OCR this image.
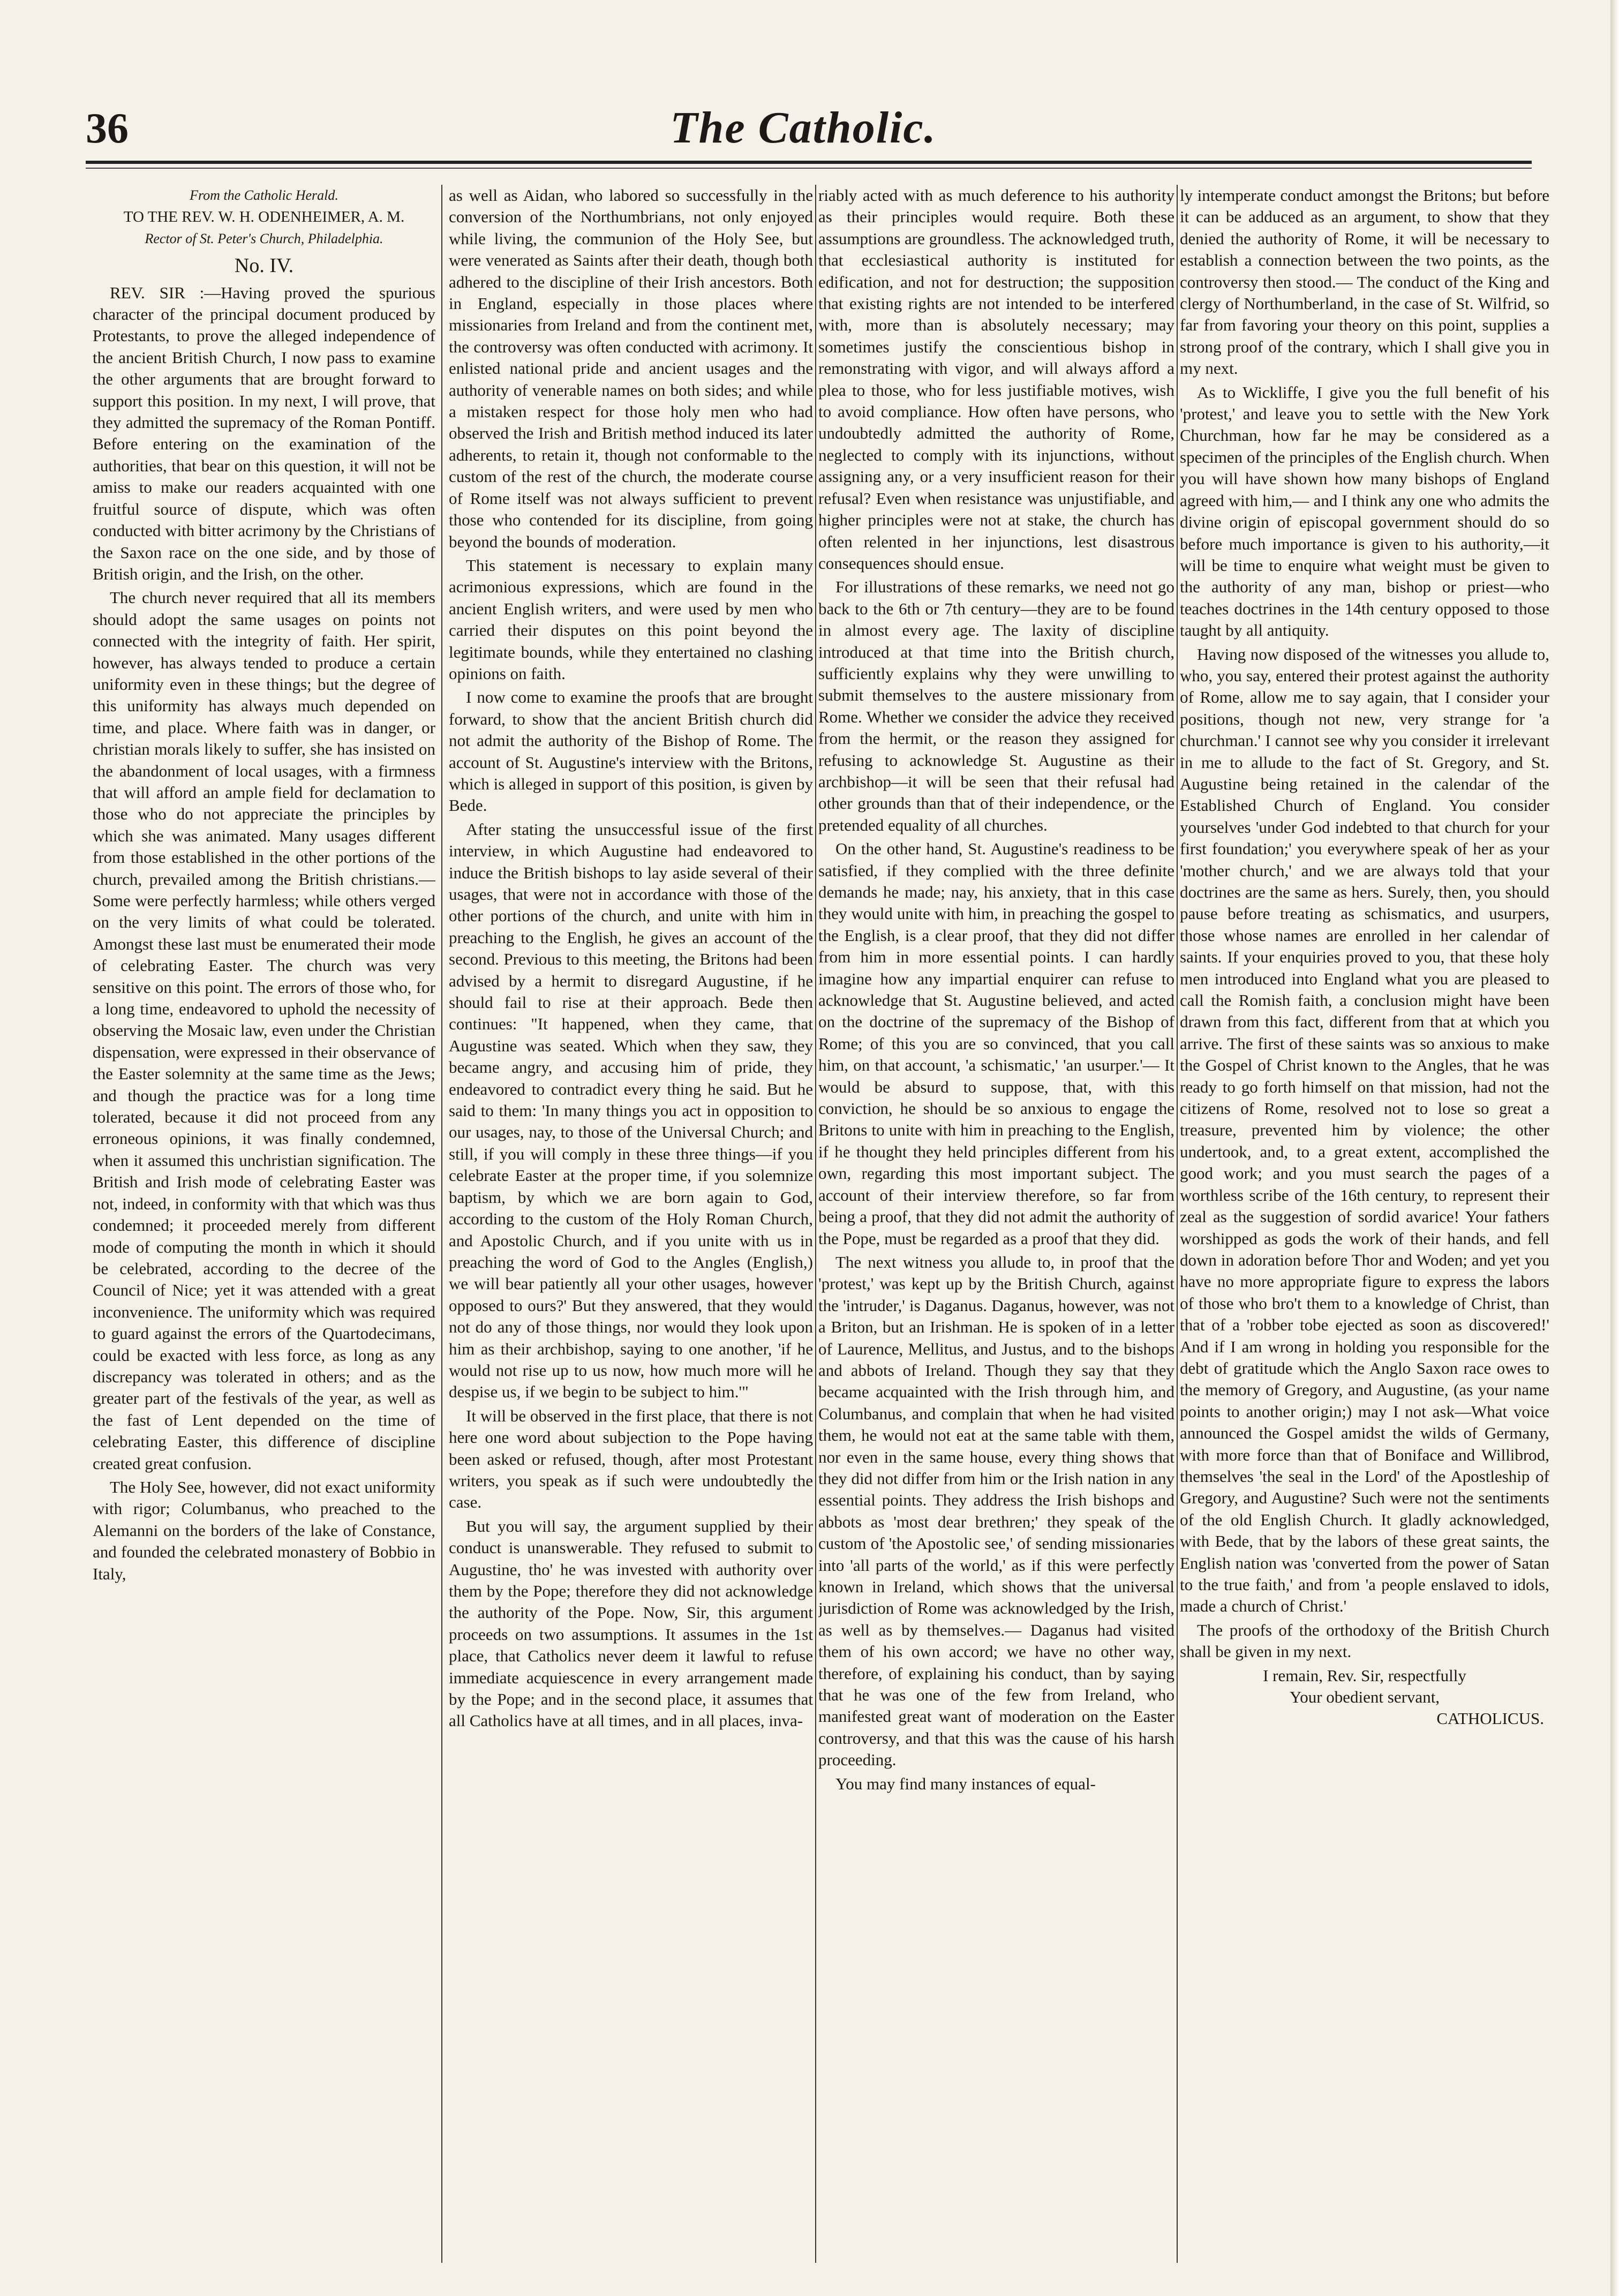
36	The Catholic.
From the Catholic Herald.
TO THE REV. W. H. ODENHEIMER, A. M.
Rector of St. Peter's Church, Philadelphia.
No. IV.

REV. SIR :—Having proved the spurious character of the principal document produced by Protestants, to prove the alleged independence of the ancient British Church, I now pass to examine the other arguments that are brought forward to support this position. In my next, I will prove, that they admitted the supremacy of the Roman Pontiff. Before entering on the examination of the authorities, that bear on this question, it will not be amiss to make our readers acquainted with one fruitful source of dispute, which was often conducted with bitter acrimony by the Christians of the Saxon race on the one side, and by those of British origin, and the Irish, on the other.

The church never required that all its members should adopt the same usages on points not connected with the integrity of faith. Her spirit, however, has always tended to produce a certain uniformity even in these things; but the degree of this uniformity has always much depended on time, and place. Where faith was in danger, or christian morals likely to suffer, she has insisted on the abandonment of local usages, with a firmness that will afford an ample field for declamation to those who do not appreciate the principles by which she was animated. Many usages different from those established in the other portions of the church, prevailed among the British christians.— Some were perfectly harmless; while others verged on the very limits of what could be tolerated. Amongst these last must be enumerated their mode of celebrating Easter. The church was very sensitive on this point. The errors of those who, for a long time, endeavored to uphold the necessity of observing the Mosaic law, even under the Christian dispensation, were expressed in their observance of the Easter solemnity at the same time as the Jews; and though the practice was for a long time tolerated, because it did not proceed from any erroneous opinions, it was finally condemned, when it assumed this unchristian signification. The British and Irish mode of celebrating Easter was not, indeed, in conformity with that which was thus condemned; it proceeded merely from different mode of computing the month in which it should be celebrated, according to the decree of the Council of Nice; yet it was attended with a great inconvenience. The uniformity which was required to guard against the errors of the Quartodecimans, could be exacted with less force, as long as any discrepancy was tolerated in others; and as the greater part of the festivals of the year, as well as the fast of Lent depended on the time of celebrating Easter, this difference of discipline created great confusion.

The Holy See, however, did not exact uniformity with rigor; Columbanus, who preached to the Alemanni on the borders of the lake of Constance, and founded the celebrated monastery of Bobbio in Italy,

as well as Aidan, who labored so successfully in the conversion of the Northumbrians, not only enjoyed while living, the communion of the Holy See, but were venerated as Saints after their death, though both adhered to the discipline of their Irish ancestors. Both in England, especially in those places where missionaries from Ireland and from the continent met, the controversy was often conducted with acrimony. It enlisted national pride and ancient usages and the authority of venerable names on both sides; and while a mistaken respect for those holy men who had observed the Irish and British method induced its later adherents, to retain it, though not conformable to the custom of the rest of the church, the moderate course of Rome itself was not always sufficient to prevent those who contended for its discipline, from going beyond the bounds of moderation.

This statement is necessary to explain many acrimonious expressions, which are found in the ancient English writers, and were used by men who carried their disputes on this point beyond the legitimate bounds, while they entertained no clashing opinions on faith.

I now come to examine the proofs that are brought forward, to show that the ancient British church did not admit the authority of the Bishop of Rome. The account of St. Augustine's interview with the Britons, which is alleged in support of this position, is given by Bede.

After stating the unsuccessful issue of the first interview, in which Augustine had endeavored to induce the British bishops to lay aside several of their usages, that were not in accordance with those of the other portions of the church, and unite with him in preaching to the English, he gives an account of the second. Previous to this meeting, the Britons had been advised by a hermit to disregard Augustine, if he should fail to rise at their approach. Bede then continues: "It happened, when they came, that Augustine was seated. Which when they saw, they became angry, and accusing him of pride, they endeavored to contradict every thing he said. But he said to them: 'In many things you act in opposition to our usages, nay, to those of the Universal Church; and still, if you will comply in these three things—if you celebrate Easter at the proper time, if you solemnize baptism, by which we are born again to God, according to the custom of the Holy Roman Church, and Apostolic Church, and if you unite with us in preaching the word of God to the Angles (English,) we will bear patiently all your other usages, however opposed to ours?' But they answered, that they would not do any of those things, nor would they look upon him as their archbishop, saying to one another, 'if he would not rise up to us now, how much more will he despise us, if we begin to be subject to him.'"

It will be observed in the first place, that there is not here one word about subjection to the Pope having been asked or refused, though, after most Protestant writers, you speak as if such were undoubtedly the case.

But you will say, the argument supplied by their conduct is unanswerable. They refused to submit to Augustine, tho' he was invested with authority over them by the Pope; therefore they did not acknowledge the authority of the Pope. Now, Sir, this argument proceeds on two assumptions. It assumes in the 1st place, that Catholics never deem it lawful to refuse immediate acquiescence in every arrangement made by the Pope; and in the second place, it assumes that all Catholics have at all times, and in all places, inva-

riably acted with as much deference to his authority as their principles would require. Both these assumptions are groundless. The acknowledged truth, that ecclesiastical authority is instituted for edification, and not for destruction; the supposition that existing rights are not intended to be interfered with, more than is absolutely necessary; may sometimes justify the conscientious bishop in remonstrating with vigor, and will always afford a plea to those, who for less justifiable motives, wish to avoid compliance. How often have persons, who undoubtedly admitted the authority of Rome, neglected to comply with its injunctions, without assigning any, or a very insufficient reason for their refusal? Even when resistance was unjustifiable, and higher principles were not at stake, the church has often relented in her injunctions, lest disastrous consequences should ensue.

For illustrations of these remarks, we need not go back to the 6th or 7th century—they are to be found in almost every age. The laxity of discipline introduced at that time into the British church, sufficiently explains why they were unwilling to submit themselves to the austere missionary from Rome. Whether we consider the advice they received from the hermit, or the reason they assigned for refusing to acknowledge St. Augustine as their archbishop—it will be seen that their refusal had other grounds than that of their independence, or the pretended equality of all churches.

On the other hand, St. Augustine's readiness to be satisfied, if they complied with the three definite demands he made; nay, his anxiety, that in this case they would unite with him, in preaching the gospel to the English, is a clear proof, that they did not differ from him in more essential points. I can hardly imagine how any impartial enquirer can refuse to acknowledge that St. Augustine believed, and acted on the doctrine of the supremacy of the Bishop of Rome; of this you are so convinced, that you call him, on that account, 'a schismatic,' 'an usurper.'— It would be absurd to suppose, that, with this conviction, he should be so anxious to engage the Britons to unite with him in preaching to the English, if he thought they held principles different from his own, regarding this most important subject. The account of their interview therefore, so far from being a proof, that they did not admit the authority of the Pope, must be regarded as a proof that they did.

The next witness you allude to, in proof that the 'protest,' was kept up by the British Church, against the 'intruder,' is Daganus. Daganus, however, was not a Briton, but an Irishman. He is spoken of in a letter of Laurence, Mellitus, and Justus, and to the bishops and abbots of Ireland. Though they say that they became acquainted with the Irish through him, and Columbanus, and complain that when he had visited them, he would not eat at the same table with them, nor even in the same house, every thing shows that they did not differ from him or the Irish nation in any essential points. They address the Irish bishops and abbots as 'most dear brethren;' they speak of the custom of 'the Apostolic see,' of sending missionaries into 'all parts of the world,' as if this were perfectly known in Ireland, which shows that the universal jurisdiction of Rome was acknowledged by the Irish, as well as by themselves.— Daganus had visited them of his own accord; we have no other way, therefore, of explaining his conduct, than by saying that he was one of the few from Ireland, who manifested great want of moderation on the Easter controversy, and that this was the cause of his harsh proceeding.

You may find many instances of equal-

ly intemperate conduct amongst the Britons; but before it can be adduced as an argument, to show that they denied the authority of Rome, it will be necessary to establish a connection between the two points, as the controversy then stood.— The conduct of the King and clergy of Northumberland, in the case of St. Wilfrid, so far from favoring your theory on this point, supplies a strong proof of the contrary, which I shall give you in my next.

As to Wickliffe, I give you the full benefit of his 'protest,' and leave you to settle with the New York Churchman, how far he may be considered as a specimen of the principles of the English church. When you will have shown how many bishops of England agreed with him,— and I think any one who admits the divine origin of episcopal government should do so before much importance is given to his authority,—it will be time to enquire what weight must be given to the authority of any man, bishop or priest—who teaches doctrines in the 14th century opposed to those taught by all antiquity.

Having now disposed of the witnesses you allude to, who, you say, entered their protest against the authority of Rome, allow me to say again, that I consider your positions, though not new, very strange for 'a churchman.' I cannot see why you consider it irrelevant in me to allude to the fact of St. Gregory, and St. Augustine being retained in the calendar of the Established Church of England. You consider yourselves 'under God indebted to that church for your first foundation;' you everywhere speak of her as your 'mother church,' and we are always told that your doctrines are the same as hers. Surely, then, you should pause before treating as schismatics, and usurpers, those whose names are enrolled in her calendar of saints. If your enquiries proved to you, that these holy men introduced into England what you are pleased to call the Romish faith, a conclusion might have been drawn from this fact, different from that at which you arrive. The first of these saints was so anxious to make the Gospel of Christ known to the Angles, that he was ready to go forth himself on that mission, had not the citizens of Rome, resolved not to lose so great a treasure, prevented him by violence; the other undertook, and, to a great extent, accomplished the good work; and you must search the pages of a worthless scribe of the 16th century, to represent their zeal as the suggestion of sordid avarice! Your fathers worshipped as gods the work of their hands, and fell down in adoration before Thor and Woden; and yet you have no more appropriate figure to express the labors of those who bro't them to a knowledge of Christ, than that of a 'robber tobe ejected as soon as discovered!' And if I am wrong in holding you responsible for the debt of gratitude which the Anglo Saxon race owes to the memory of Gregory, and Augustine, (as your name points to another origin;) may I not ask—What voice announced the Gospel amidst the wilds of Germany, with more force than that of Boniface and Willibrod, themselves 'the seal in the Lord' of the Apostleship of Gregory, and Augustine? Such were not the sentiments of the old English Church. It gladly acknowledged, with Bede, that by the labors of these great saints, the English nation was 'converted from the power of Satan to the true faith,' and from 'a people enslaved to idols, made a church of Christ.'

The proofs of the orthodoxy of the British Church shall be given in my next.

I remain, Rev. Sir, respectfully
Your obedient servant,
CATHOLICUS.
